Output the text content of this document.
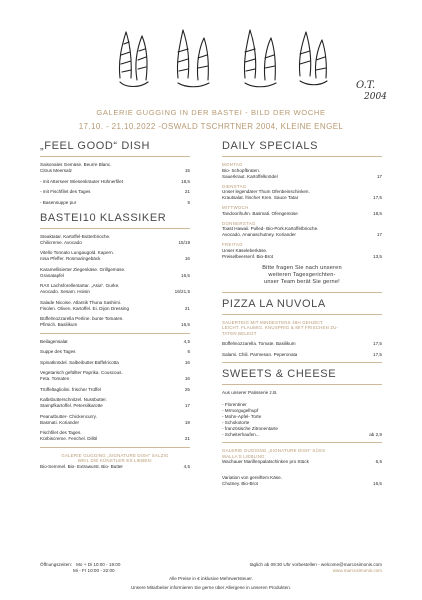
O.T.
2004
GALERIE GUGGING IN DER BASTEI - BILD DER WOCHE
17.10. - 21.10.2022 -OSWALD TSCHRTNER 2004, KLEINE ENGEL
„FEEL GOOD“ DISH
Saisonales Gemüse. Beurre Blanc.
Citrus Meersalz	15
- mit Atterseer Wiesenkräuter Hühnerfilet	18,5
- mit Fischfilet des Tages	21
- Basensuppe pur	5
BASTEI10 KLASSIKER
Steaktatar. Kartoffel-Butterbrioche.
Chilicreme. Avocado	15/19
Vitello Tonnato Lungaugold. Kapern.
rosa Pfeffer. Rosmaringebäck	16
Karamellisierter Ziegenkäse. Grillgemüse.
Granatapfel	16,5
RAX Lachsforellentartar. „Asia“. Gurke.
Avocado. Sesam. Hoisin	16/21,5
Salade Nicoise. Atlantik Thuna Sashimi.
Fisolen. Oliven. Kartoffel. Ei. Dijon Dressing	21
Büffelmozzarella Perline. bunte Tomaten.
Pfirsich. Basilikum	16,5
Beilagensalat	4,5
Suppe des Tages	6
Spinatknödel. Salbeibutter.Büffelricotta	16
Vegetarisch gefüllter Paprika. Couscous.
Feta. Tomaten	16
Trüffeltagliolini. frischer Trüffel	25
Kalbsbutterschnitzel. Nussbutter.
Stampfkartoffel. Petersilkarotte	17
Peanutbutter- Chickencurry.
Basmati. Koriander	19
Fischfilet des Tages.
Kürbiscreme. Fenchel. Dillöl	21
GALERIE GUGGING „SIGNATURE DISH“ SALZIG
WEIL DIE KÜNSTLER ES LIEBEN:
Bio-Semmel. Bio- Extrawurst. Bio- Butter	4,5
DAILY SPECIALS
MONTAG
Bio- Schopfbraten.
Sauerkraut. Kartoffelknödel	17
DIENSTAG
Unser legendärer Thum Ofenbeinschinken.
Krautsalat. frischer Kren. Sauce Tatar	17,5
MITTWOCH
Tandoorihuhn. Basmati. Ofengemüse	18,5
DONNERSTAG
Toast Hawaii. Pulled- Bio-Pork.Kartoffelbrioche.
Avocado. Ananaschutney. Koriander	17
FREITAG
Unser Käseleberkäse.
Preiselbeersenf. Bio-Brot	13,5
Bitte fragen Sie nach unseren
weiteren Tagesgerichten-
unser Team berät Sie gerne!
PIZZA LA NUVOLA
SAUERTEIG MIT MINDESTENS 48H GEHZEIT.
LEICHT. FLAUMIG. KNUSPRIG & MIT FRISCHEN ZU-
TATEN BELEGT
Büffelmozzarella. Tomate. Basilikum	17,5
Salami. Chili. Parmesan. Peperonata	17,5
SWEETS & CHEESE
Aus unserer Patisserie z.B.
- Florentiner
- Mrmorgugelhupf
- Mohn-Apfel- Torte
- Schokotorte
- französische Zitronentarte
- Scheiterhaufen...	ab 2,9
GALERIE GUGGING „SIGNATURE DISH“ SÜSS
WALLA'S LIEBLING:
Wachauer Marillenpalatschinken pro Stück	6,5
Variation von gereiftem Käse.
Chutney. Bio-Brot	16,5
Öffnungszeiten: Mo + Di 10:00 - 19:00	täglich ab 09:30 Uhr vorbestellen - welcome@marcosimonis.com
Mi - Fr 10:00 - 22:00	www.marcosimonis.com
Alle Preise in € inklusive Mehrwertsteuer.
Unsere Mitarbeiter informieren Sie gerne über Allergene in unseren Produkten.
